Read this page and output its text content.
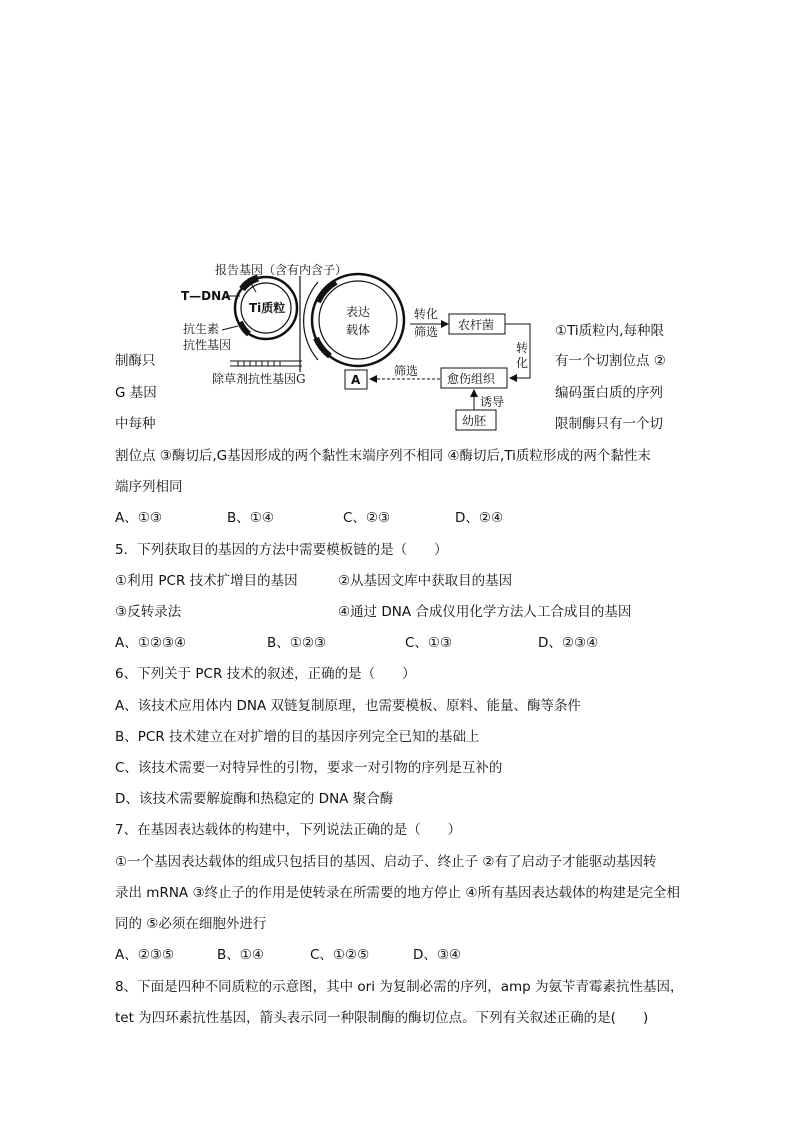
报告基因（含有内含子）
T—DNA
Ti质粒
抗生素
抗性基因
除草剂抗性基因G
表达
载体
转化
筛选 农杆菌
转
化
愈伤组织
筛选
A
诱导
幼胚
①Ti质粒内,每种限
制酶只	有一个切割位点 ②
G 基因	编码蛋白质的序列
中每种	限制酶只有一个切
割位点 ③酶切后,G基因形成的两个黏性末端序列不相同 ④酶切后,Ti质粒形成的两个黏性末
端序列相同
A、①③	B、①④	C、②③	D、②④
5．下列获取目的基因的方法中需要模板链的是（　　）
①利用 PCR 技术扩增目的基因	②从基因文库中获取目的基因
③反转录法	④通过 DNA 合成仪用化学方法人工合成目的基因
A、①②③④	B、①②③	C、①③	D、②③④
6、下列关于 PCR 技术的叙述，正确的是（　　）
A、该技术应用体内 DNA 双链复制原理，也需要模板、原料、能量、酶等条件
B、PCR 技术建立在对扩增的目的基因序列完全已知的基础上
C、该技术需要一对特异性的引物，要求一对引物的序列是互补的
D、该技术需要解旋酶和热稳定的 DNA 聚合酶
7、在基因表达载体的构建中，下列说法正确的是（　　）
①一个基因表达载体的组成只包括目的基因、启动子、终止子 ②有了启动子才能驱动基因转
录出 mRNA ③终止子的作用是使转录在所需要的地方停止 ④所有基因表达载体的构建是完全相
同的 ⑤必须在细胞外进行
A、②③⑤	B、①④	C、①②⑤	D、③④
8、下面是四种不同质粒的示意图，其中 ori 为复制必需的序列，amp 为氨苄青霉素抗性基因，
tet 为四环素抗性基因，箭头表示同一种限制酶的酶切位点。下列有关叙述正确的是(　　)
